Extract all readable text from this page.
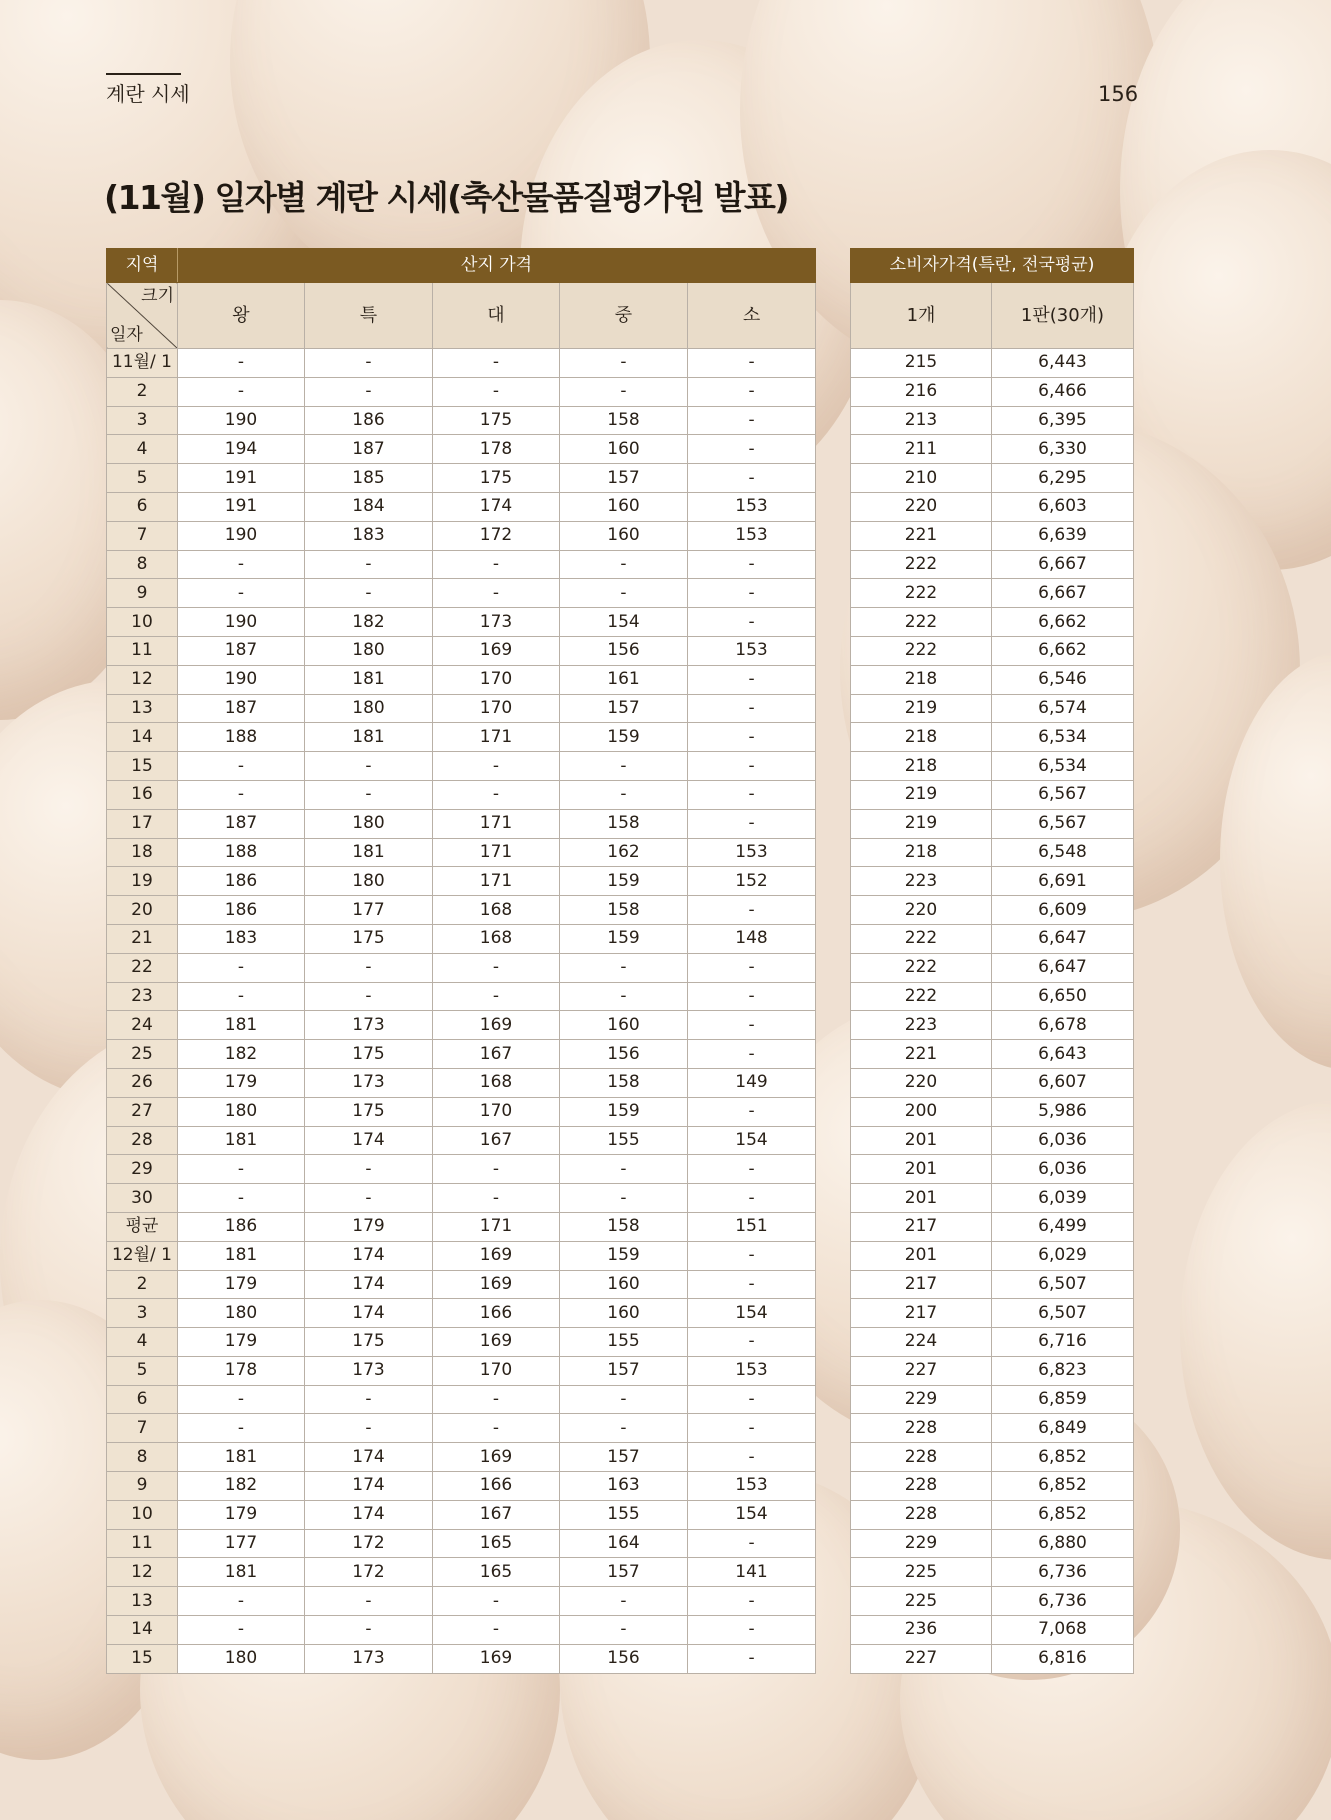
계란 시세	156
(11월) 일자별 계란 시세(축산물품질평가원 발표)
지역	산지 가격				

크기
일자	왕	특	대	중	소
11월/ 1	-	-	-	-	-
2	-	-	-	-	-
3	190	186	175	158	-
4	194	187	178	160	-
5	191	185	175	157	-
6	191	184	174	160	153
7	190	183	172	160	153
8	-	-	-	-	-
9	-	-	-	-	-
10	190	182	173	154	-
11	187	180	169	156	153
12	190	181	170	161	-
13	187	180	170	157	-
14	188	181	171	159	-
15	-	-	-	-	-
16	-	-	-	-	-
17	187	180	171	158	-
18	188	181	171	162	153
19	186	180	171	159	152
20	186	177	168	158	-
21	183	175	168	159	148
22	-	-	-	-	-
23	-	-	-	-	-
24	181	173	169	160	-
25	182	175	167	156	-
26	179	173	168	158	149
27	180	175	170	159	-
28	181	174	167	155	154
29	-	-	-	-	-
30	-	-	-	-	-
평균	186	179	171	158	151
12월/ 1	181	174	169	159	-
2	179	174	169	160	-
3	180	174	166	160	154
4	179	175	169	155	-
5	178	173	170	157	153
6	-	-	-	-	-
7	-	-	-	-	-
8	181	174	169	157	-
9	182	174	166	163	153
10	179	174	167	155	154
11	177	172	165	164	-
12	181	172	165	157	141
13	-	-	-	-	-
14	-	-	-	-	-
15	180	173	169	156	-
소비자가격(특란, 전국평균)	
1개	1판(30개)
215	6,443
216	6,466
213	6,395
211	6,330
210	6,295
220	6,603
221	6,639
222	6,667
222	6,667
222	6,662
222	6,662
218	6,546
219	6,574
218	6,534
218	6,534
219	6,567
219	6,567
218	6,548
223	6,691
220	6,609
222	6,647
222	6,647
222	6,650
223	6,678
221	6,643
220	6,607
200	5,986
201	6,036
201	6,036
201	6,039
217	6,499
201	6,029
217	6,507
217	6,507
224	6,716
227	6,823
229	6,859
228	6,849
228	6,852
228	6,852
228	6,852
229	6,880
225	6,736
225	6,736
236	7,068
227	6,816
